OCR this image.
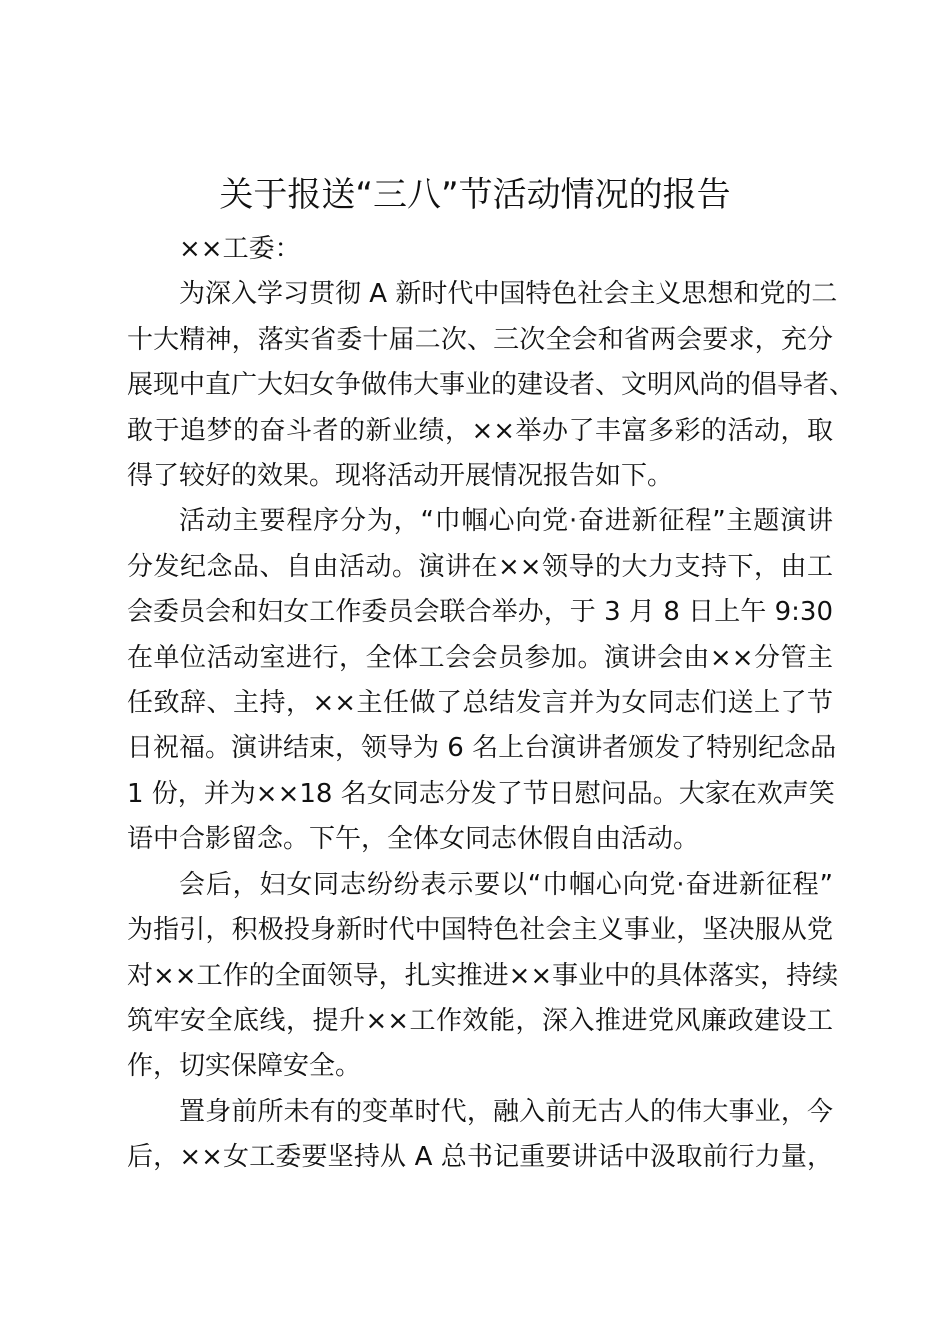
关于报送“三八”节活动情况的报告

××工委：

为深入学习贯彻 A 新时代中国特色社会主义思想和党的二
十大精神，落实省委十届二次、三次全会和省两会要求，充分
展现中直广大妇女争做伟大事业的建设者、文明风尚的倡导者、
敢于追梦的奋斗者的新业绩，××举办了丰富多彩的活动，取
得了较好的效果。现将活动开展情况报告如下。

活动主要程序分为，“巾帼心向党·奋进新征程”主题演讲
分发纪念品、自由活动。演讲在××领导的大力支持下，由工
会委员会和妇女工作委员会联合举办，于 3 月 8 日上午 9:30
在单位活动室进行，全体工会会员参加。演讲会由××分管主
任致辞、主持，××主任做了总结发言并为女同志们送上了节
日祝福。演讲结束，领导为 6 名上台演讲者颁发了特别纪念品
1 份，并为××18 名女同志分发了节日慰问品。大家在欢声笑
语中合影留念。下午，全体女同志休假自由活动。

会后，妇女同志纷纷表示要以“巾帼心向党·奋进新征程”
为指引，积极投身新时代中国特色社会主义事业，坚决服从党
对××工作的全面领导，扎实推进××事业中的具体落实，持续
筑牢安全底线，提升××工作效能，深入推进党风廉政建设工
作，切实保障安全。

置身前所未有的变革时代，融入前无古人的伟大事业，今
后，××女工委要坚持从 A 总书记重要讲话中汲取前行力量，
